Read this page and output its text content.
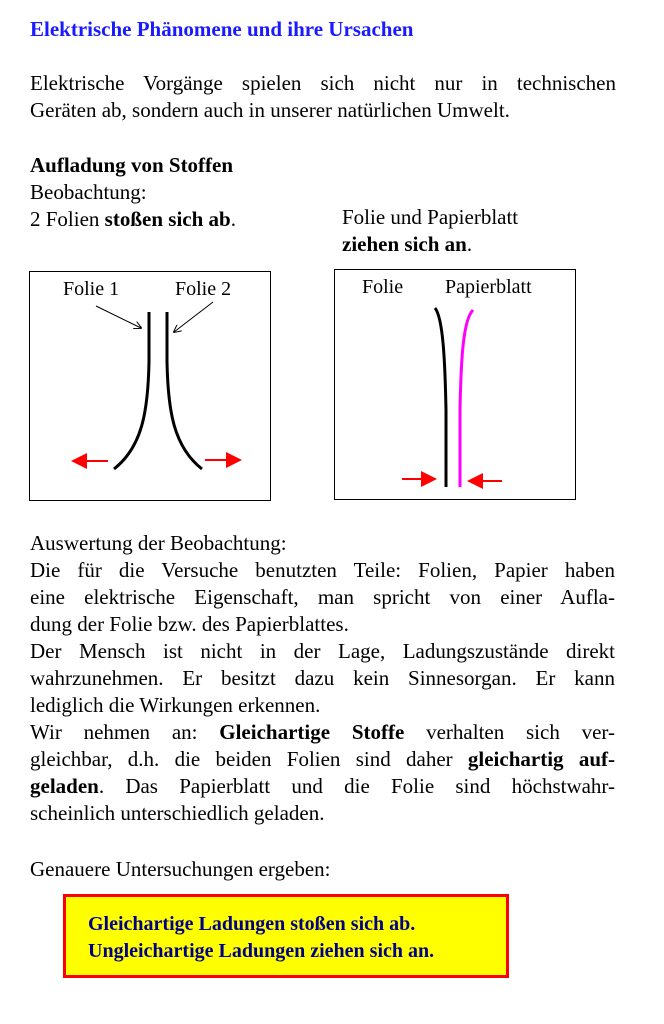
Elektrische Phänomene und ihre Ursachen
Elektrische Vorgänge spielen sich nicht nur in technischen
Geräten ab, sondern auch in unserer natürlichen Umwelt.
Aufladung von Stoffen
Beobachtung:
2 Folien stoßen sich ab.	Folie und Papierblatt
ziehen sich an.
Folie 1	Folie 2	Folie Papierblatt
Auswertung der Beobachtung:
Die für die Versuche benutzten Teile: Folien, Papier haben
eine elektrische Eigenschaft, man spricht von einer Aufla-
dung der Folie bzw. des Papierblattes.
Der Mensch ist nicht in der Lage, Ladungszustände direkt
wahrzunehmen. Er besitzt dazu kein Sinnesorgan. Er kann
lediglich die Wirkungen erkennen.
Wir nehmen an: Gleichartige Stoffe verhalten sich ver-
gleichbar, d.h. die beiden Folien sind daher gleichartig auf-
geladen. Das Papierblatt und die Folie sind höchstwahr-
scheinlich unterschiedlich geladen.
Genauere Untersuchungen ergeben:
Gleichartige Ladungen stoßen sich ab.
Ungleichartige Ladungen ziehen sich an.
